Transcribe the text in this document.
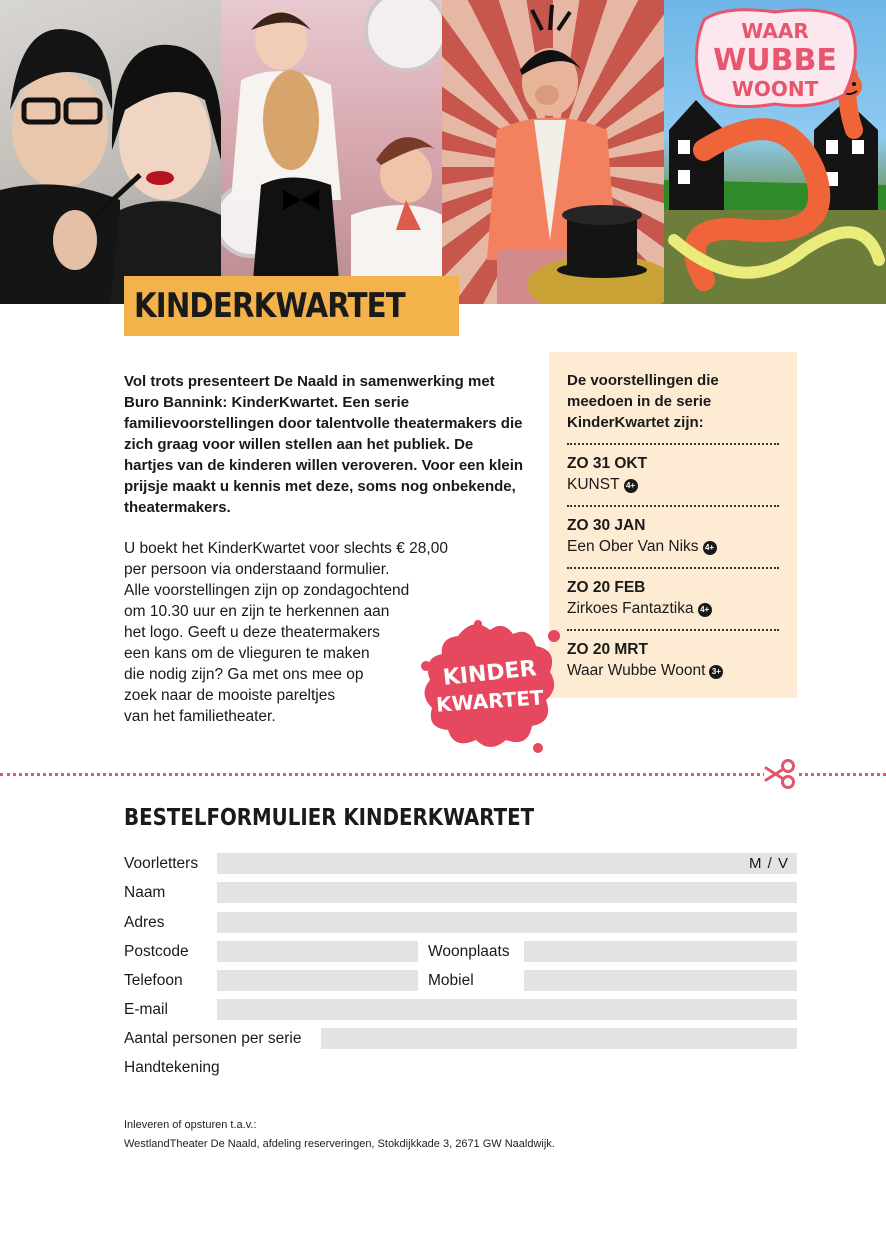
WAAR
WUBBE
WOONT
KINDERKWARTET
Vol trots presenteert De Naald in samenwerking met Buro Bannink: KinderKwartet. Een serie familievoorstellingen door talentvolle theatermakers die zich graag voor willen stellen aan het publiek. De hartjes van de kinderen willen veroveren. Voor een klein prijsje maakt u kennis met deze, soms nog onbekende, theatermakers.
U boekt het KinderKwartet voor slechts € 28,00
per persoon via onderstaand formulier.
Alle voorstellingen zijn op zondagochtend
om 10.30 uur en zijn te herkennen aan
het logo. Geeft u deze theatermakers
een kans om de vlieguren te maken
die nodig zijn? Ga met ons mee op
zoek naar de mooiste pareltjes
van het familietheater.
De voorstellingen die meedoen in de serie KinderKwartet zijn:
ZO 31 OKT
KUNST 4+
ZO 30 JAN
Een Ober Van Niks 4+
ZO 20 FEB
Zirkoes Fantaztika 4+
ZO 20 MRT
Waar Wubbe Woont 3+
KINDER
KWARTET
BESTELFORMULIER KINDERKWARTET
Voorletters	M / V
Naam
Adres
Postcode	Woonplaats
Telefoon	Mobiel
E-mail
Aantal personen per serie
Handtekening
Inleveren of opsturen t.a.v.:
WestlandTheater De Naald, afdeling reserveringen, Stokdijkkade 3, 2671 GW Naaldwijk.
